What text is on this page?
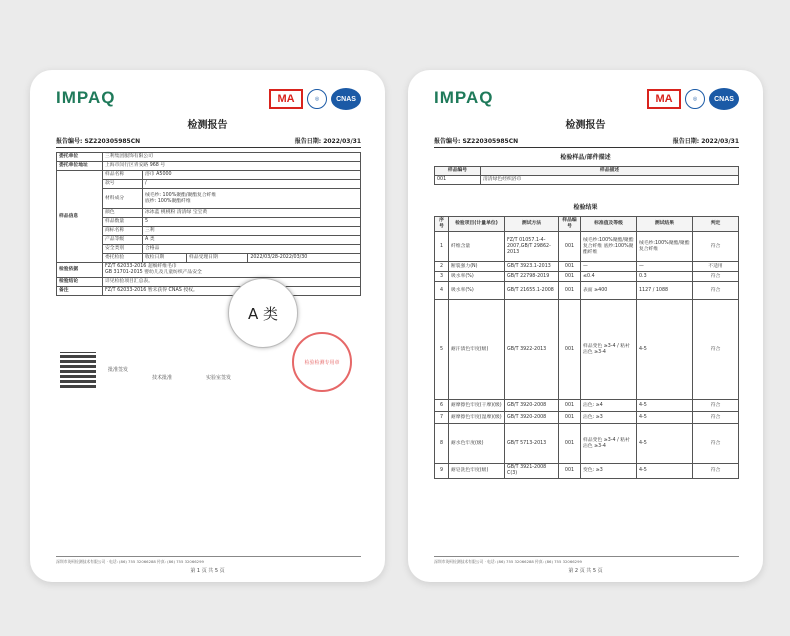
IMPAQ	MA	◎	CNAS
检测报告
报告编号: SZ220305985CN	报告日期: 2022/03/31
委托单位	三利集团服饰有限公司			
委托单位地址	上海市闵行区青安路 968 号			
样品信息	样品名称	浴巾 A5000		
	款号	/		
	材料成分	绒毛纱: 100%聚酯/聚酯复合纤维
底纱: 100%聚酯纤维		
	颜色	冰冰蓝 桃桃粉 清清绿 宝宝黄		
	样品数量	5		
	商标名称	三利		
	产品等级	A 类		
	安全类别	合格品		
	委托检验	收检日期	样品受理日期	2022/03/28-2022/03/30
检验依据	FZ/T 62033-2016 超细纤维毛巾
GB 31701-2015 婴幼儿及儿童纺织产品安全			
检验结论	详见检验项目汇总表。			
备注	FZ/T 62033-2016 暂未获得 CNAS 授权。			
批准签发
技术批准	实验室签发
检验检测专用章
A 类
深圳市英柯检测技术有限公司 · 电话: (86) 755 32066288 传真: (86) 755 32066299
第 1 页 共 5 页
IMPAQ	MA	◎	CNAS
检测报告
报告编号: SZ220305985CN	报告日期: 2022/03/31
检验样品/部件描述
样品编号	样品描述
001	清清绿色经织浴巾
检验结果
序号	检验项目(计量单位)	测试方法	样品编号	标准值及等级	测试结果	判定
1	纤维含量	FZ/T 01057.1-4-2007,GB/T 29862-2013	001	绒毛纱:100%聚酯/聚酯复合纤维 底纱:100%聚酯纤维	绒毛纱:100%聚酯/聚酯复合纤维	符合
2	断裂强力(N)	GB/T 3923.1-2013	001	—	—	不适用
3	吸水率(%)	GB/T 22798-2019	001	≤0.4	0.3	符合
4	吸水率(%)	GB/T 21655.1-2008	001	表面 ≥400	1127 / 1088	符合
5	耐汗渍色牢度(级)	GB/T 3922-2013	001	样品变色 ≥3-4 / 粘衬沾色 ≥3-4	4-5	符合
6	耐摩擦色牢度(干摩)(级)	GB/T 3920-2008	001	沾色: ≥4	4-5	符合
7	耐摩擦色牢度(湿摩)(级)	GB/T 3920-2008	001	沾色: ≥3	4-5	符合
8	耐水色牢度(级)	GB/T 5713-2013	001	样品变色 ≥3-4 / 粘衬沾色 ≥3-4	4-5	符合
9	耐皂洗色牢度(级)	GB/T 3921-2008 C(3)	001	变色: ≥3	4-5	符合
深圳市英柯检测技术有限公司 · 电话: (86) 755 32066288 传真: (86) 755 32066299
第 2 页 共 5 页
